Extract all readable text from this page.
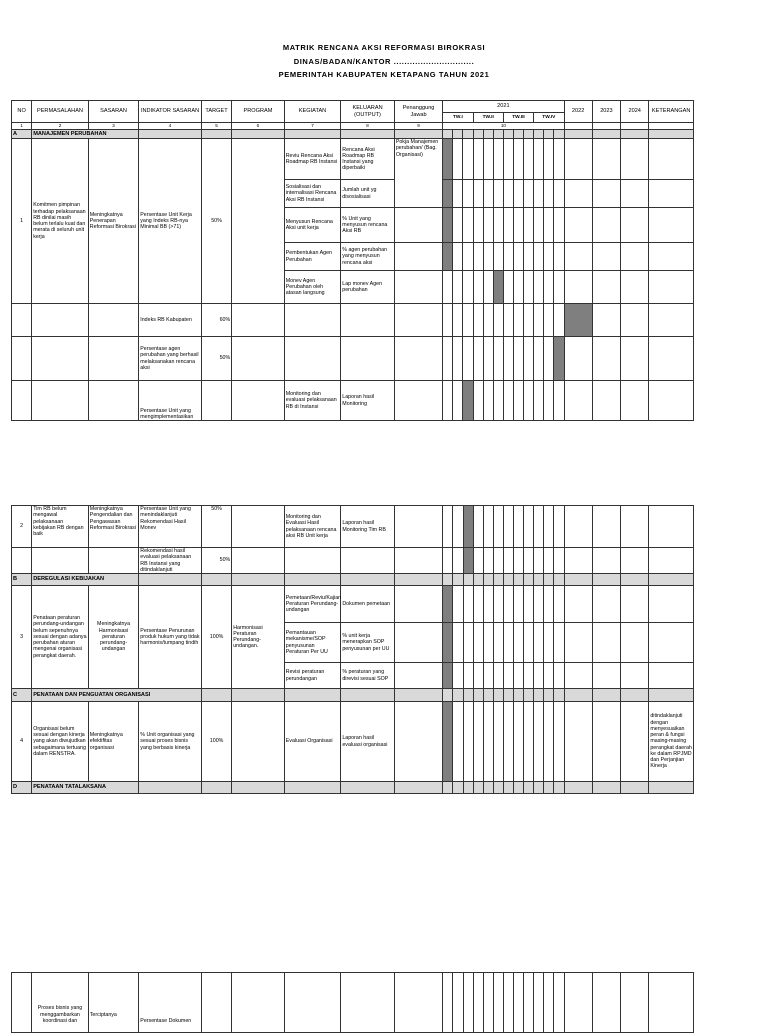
MATRIK RENCANA AKSI REFORMASI BIROKRASI
DINAS/BADAN/KANTOR ..............................
PEMERINTAH KABUPATEN KETAPANG TAHUN 2021
NO	PERMASALAHAN	SASARAN	INDIKATOR SASARAN	TARGET	PROGRAM	KEGIATAN	KELUARAN (OUTPUT)	Penanggung Jawab	2021												2022	2023	2024	KETERANGAN
									TW.I			TW.II			TW.III			TW.IV						
1	2	3	4	5	6	7	8	9	10															
A	MANAJEMEN PERUBAHAN																							
1	Komitmen pimpinan terhadap pelaksanaan RB dinilai masih belum terlalu kuat dan merata di seluruh unit kerja	Meningkatnya Penerapan Reformasi Birokrasi	Persentase Unit Kerja yang Indeks RB-nya Minimal BB (>71)	50%		Reviu Rencana Aksi Roadmap RB Instansi	Rencana Aksi Roadmap RB Instansi yang diperbaiki	Pokja Manajemen perubahan/ (Bag. Organisasi)																
						Sosialisasi dan internalisasi Rencana Aksi RB Instansi	Jumlah unit yg disosialisasi																	
						Menyusun Rencana Aksi unit kerja	% Unit yang menyusun rencana Aksi RB																	
						Pembentukan Agen Perubahan	% agen perubahan yang menyusun rencana aksi																	
						Monev Agen Perubahan oleh atasan langsung	Lap monev Agen perubahan																	
			Indeks RB Kabupaten	60%																				
			Persentase agen perubahan yang berhasil melaksanakan rencana aksi	50%																				
			Persentase Unit yang mengimplementasikan			Monitoring dan evaluasi pelaksanaan RB di Instansi	Laporan hasil Monitoring																	
2	Tim RB belum mengawal pelaksanaan kebijakan RB dengan baik	Meningkatnya Pengendalian dan Pengawasan Reformasi Birokrasi	Persentase Unit yang menindaklanjuti Rekomendasi Hasil Monev	50%		Monitoring dan Evaluasi Hasil pelaksanaan rencana aksi RB Unit kerja	Laporan hasil Monitoring Tim RB																	
			Rekomendasi hasil evaluasi pelaksanaan RB Instansi yang ditindaklanjuti	50%																				
B	DEREGULASI KEBIJAKAN																							
3	Penataan peraturan perundang-undangan belum sepenuhnya sesuai dengan adanya perubahan aturan mengenai organisasi perangkat daerah.	Meningkatnya Harmonisasi peraturan perundang-undangan	Persentase Penurunan produk hukum yang tidak harmonis/tumpang tindih	100%	Harmonisasi Peraturan Perundang-undangan.	Pemetaan/Reviu/Kajian Peraturan Perundang-undangan	Dokumen pemetaan																	
						Pemantauan mekanisme/SOP penyusunan Peraturan Per UU	% unit kerja menerapkan SOP penyusunan per UU																	
						Revisi peraturan perundangan	% peraturan yang direvisi sesuai SOP																	
C	PENATAAN DAN PENGUATAN ORGANISASI																							
4	Organisasi belum sesuai dengan kinerja yang akan diwujudkan sebagaimana tertuang dalam RENSTRA.	Meningkatnya efektifitas organisasi	% Unit organisasi yang sesuai proses bisnis yang berbasis kinerja	100%		Evaluasi Organisasi	Laporan hasil evaluasi organisasi																	ditindaklanjuti dengan menyesuaikan peran & fungsi masing-masing perangkat daerah ke dalam RPJMD dan Perjanjian Kinerja
D	PENATAAN TATALAKSANA																							
	Proses bisnis yang menggambarkan koordinasi dan	Terciptanya	Persentase Dokumen																					
